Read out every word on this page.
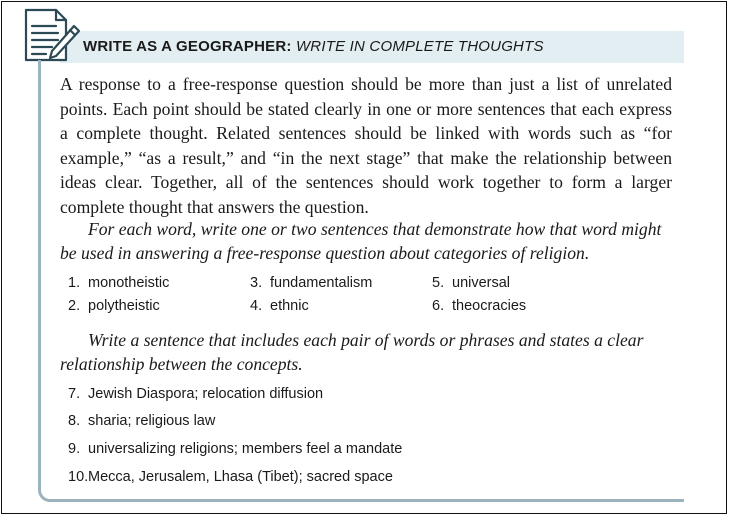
WRITE AS A GEOGRAPHER: WRITE IN COMPLETE THOUGHTS

A response to a free-response question should be more than just a list of unrelated points. Each point should be stated clearly in one or more sentences that each express a complete thought. Related sentences should be linked with words such as “for example,” “as a result,” and “in the next stage” that make the relationship between ideas clear. Together, all of the sentences should work together to form a larger complete thought that answers the question.

For each word, write one or two sentences that demonstrate how that word might be used in answering a free-response question about categories of religion.

1. monotheistic
2. polytheistic
3. fundamentalism
4. ethnic
5. universal
6. theocracies

Write a sentence that includes each pair of words or phrases and states a clear relationship between the concepts.

7. Jewish Diaspora; relocation diffusion
8. sharia; religious law
9. universalizing religions; members feel a mandate
10.Mecca, Jerusalem, Lhasa (Tibet); sacred space
